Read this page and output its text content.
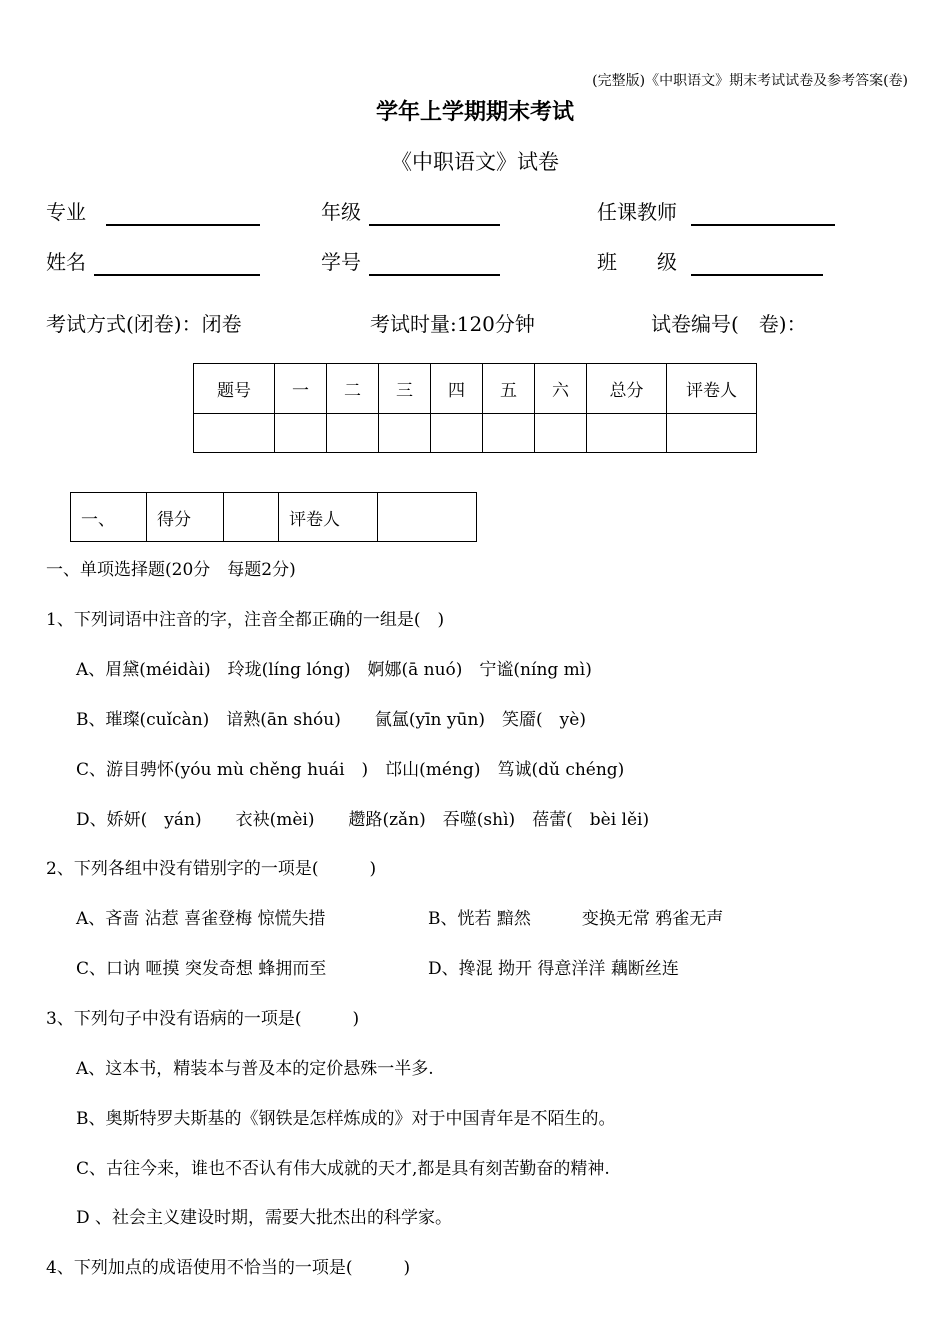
(完整版)《中职语文》期末考试试卷及参考答案(卷)
学年上学期期末考试
《中职语文》试卷
专业	年级	任课教师
姓名	学号	班　　级
考试方式(闭卷)：闭卷	考试时量:120分钟	试卷编号(　卷)：
题号	一	二	三	四	五	六	总分	评卷人

一、	得分		评卷人	
一、单项选择题(20分　每题2分)
1、下列词语中注音的字，注音全都正确的一组是(　)
A、眉黛(méidài)　玲珑(líng lóng)　婀娜(ā nuó)　宁谧(níng mì)
B、璀璨(cuǐcàn)　谙熟(ān shóu)　　氤氲(yīn yūn)　笑靥(　yè)
C、游目骋怀(yóu mù chěng huái　)　邙山(méng)　笃诚(dǔ chéng)
D、娇妍(　yán)　　衣袂(mèi)　　趱路(zǎn)　吞噬(shì)　蓓蕾(　bèi lěi)
2、下列各组中没有错别字的一项是(　　　)
A、吝啬 沾惹 喜雀登梅 惊慌失措	B、恍若 黯然　　　变换无常 鸦雀无声
C、口讷 咂摸 突发奇想 蜂拥而至	D、搀混 拗开 得意洋洋 藕断丝连
3、下列句子中没有语病的一项是(　　　)
A、这本书，精装本与普及本的定价悬殊一半多.
B、奥斯特罗夫斯基的《钢铁是怎样炼成的》对于中国青年是不陌生的。
C、古往今来，谁也不否认有伟大成就的天才,都是具有刻苦勤奋的精神.
D 、社会主义建设时期，需要大批杰出的科学家。
4、下列加点的成语使用不恰当的一项是(　　　)
